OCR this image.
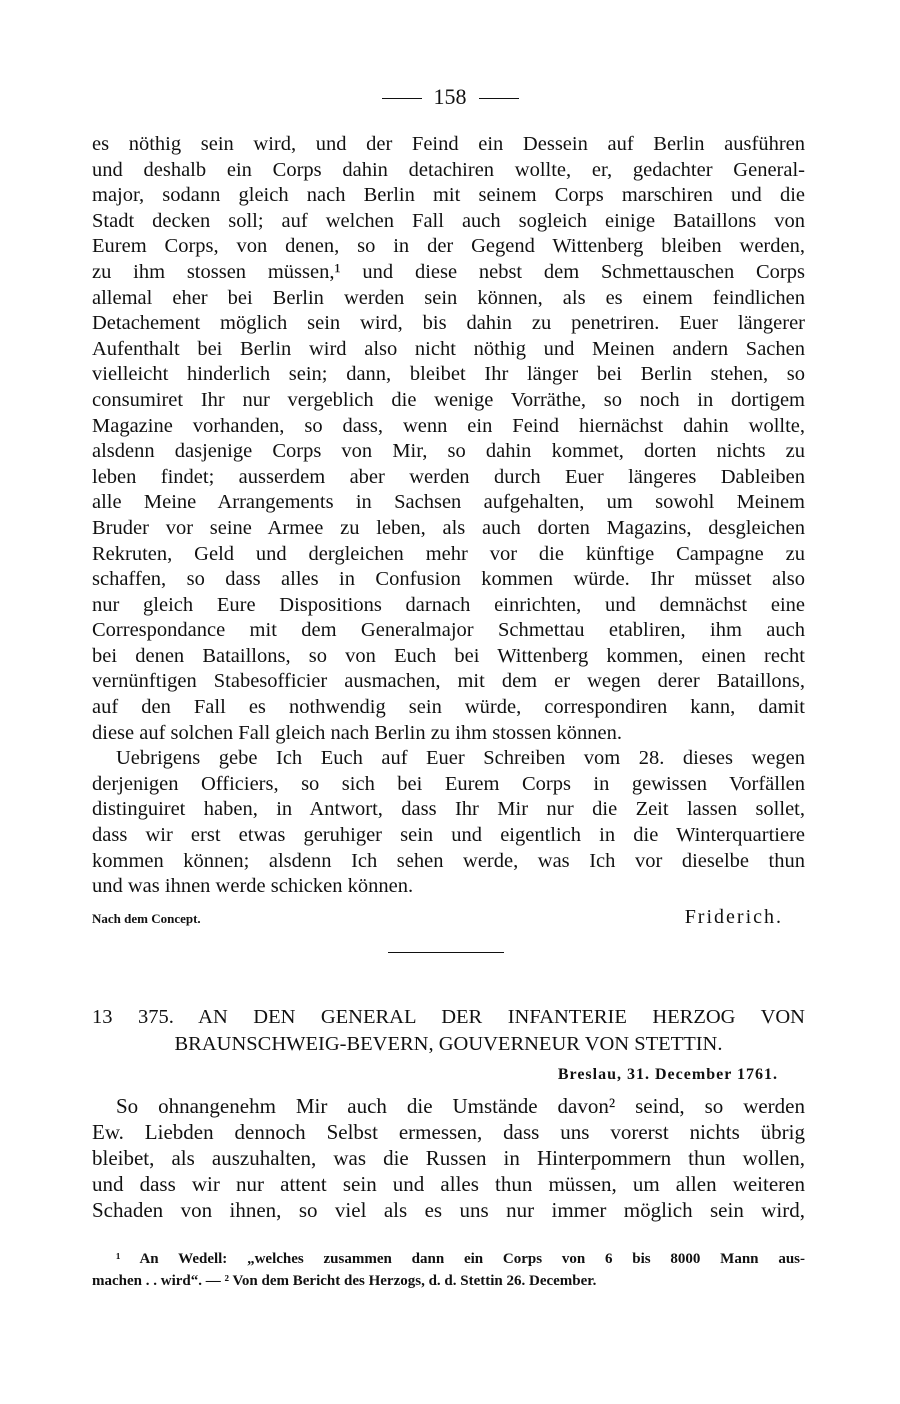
158
es nöthig sein wird, und der Feind ein Dessein auf Berlin ausführen
und deshalb ein Corps dahin detachiren wollte, er, gedachter General-
major, sodann gleich nach Berlin mit seinem Corps marschiren und die
Stadt decken soll; auf welchen Fall auch sogleich einige Bataillons von
Eurem Corps, von denen, so in der Gegend Wittenberg bleiben werden,
zu ihm stossen müssen,¹ und diese nebst dem Schmettauschen Corps
allemal eher bei Berlin werden sein können, als es einem feindlichen
Detachement möglich sein wird, bis dahin zu penetriren. Euer längerer
Aufenthalt bei Berlin wird also nicht nöthig und Meinen andern Sachen
vielleicht hinderlich sein; dann, bleibet Ihr länger bei Berlin stehen, so
consumiret Ihr nur vergeblich die wenige Vorräthe, so noch in dortigem
Magazine vorhanden, so dass, wenn ein Feind hiernächst dahin wollte,
alsdenn dasjenige Corps von Mir, so dahin kommet, dorten nichts zu
leben findet; ausserdem aber werden durch Euer längeres Dableiben
alle Meine Arrangements in Sachsen aufgehalten, um sowohl Meinem
Bruder vor seine Armee zu leben, als auch dorten Magazins, desgleichen
Rekruten, Geld und dergleichen mehr vor die künftige Campagne zu
schaffen, so dass alles in Confusion kommen würde. Ihr müsset also
nur gleich Eure Dispositions darnach einrichten, und demnächst eine
Correspondance mit dem Generalmajor Schmettau etabliren, ihm auch
bei denen Bataillons, so von Euch bei Wittenberg kommen, einen recht
vernünftigen Stabesofficier ausmachen, mit dem er wegen derer Bataillons,
auf den Fall es nothwendig sein würde, correspondiren kann, damit
diese auf solchen Fall gleich nach Berlin zu ihm stossen können.
Uebrigens gebe Ich Euch auf Euer Schreiben vom 28. dieses wegen
derjenigen Officiers, so sich bei Eurem Corps in gewissen Vorfällen
distinguiret haben, in Antwort, dass Ihr Mir nur die Zeit lassen sollet,
dass wir erst etwas geruhiger sein und eigentlich in die Winterquartiere
kommen können; alsdenn Ich sehen werde, was Ich vor dieselbe thun
und was ihnen werde schicken können.
Nach dem Concept.	Friderich.
13 375. AN DEN GENERAL DER INFANTERIE HERZOG VON
BRAUNSCHWEIG-BEVERN, GOUVERNEUR VON STETTIN.
Breslau, 31. December 1761.
So ohnangenehm Mir auch die Umstände davon² seind, so werden
Ew. Liebden dennoch Selbst ermessen, dass uns vorerst nichts übrig
bleibet, als auszuhalten, was die Russen in Hinterpommern thun wollen,
und dass wir nur attent sein und alles thun müssen, um allen weiteren
Schaden von ihnen, so viel als es uns nur immer möglich sein wird,
¹ An Wedell: „welches zusammen dann ein Corps von 6 bis 8000 Mann aus-
machen . . wird“. — ² Von dem Bericht des Herzogs, d. d. Stettin 26. December.
